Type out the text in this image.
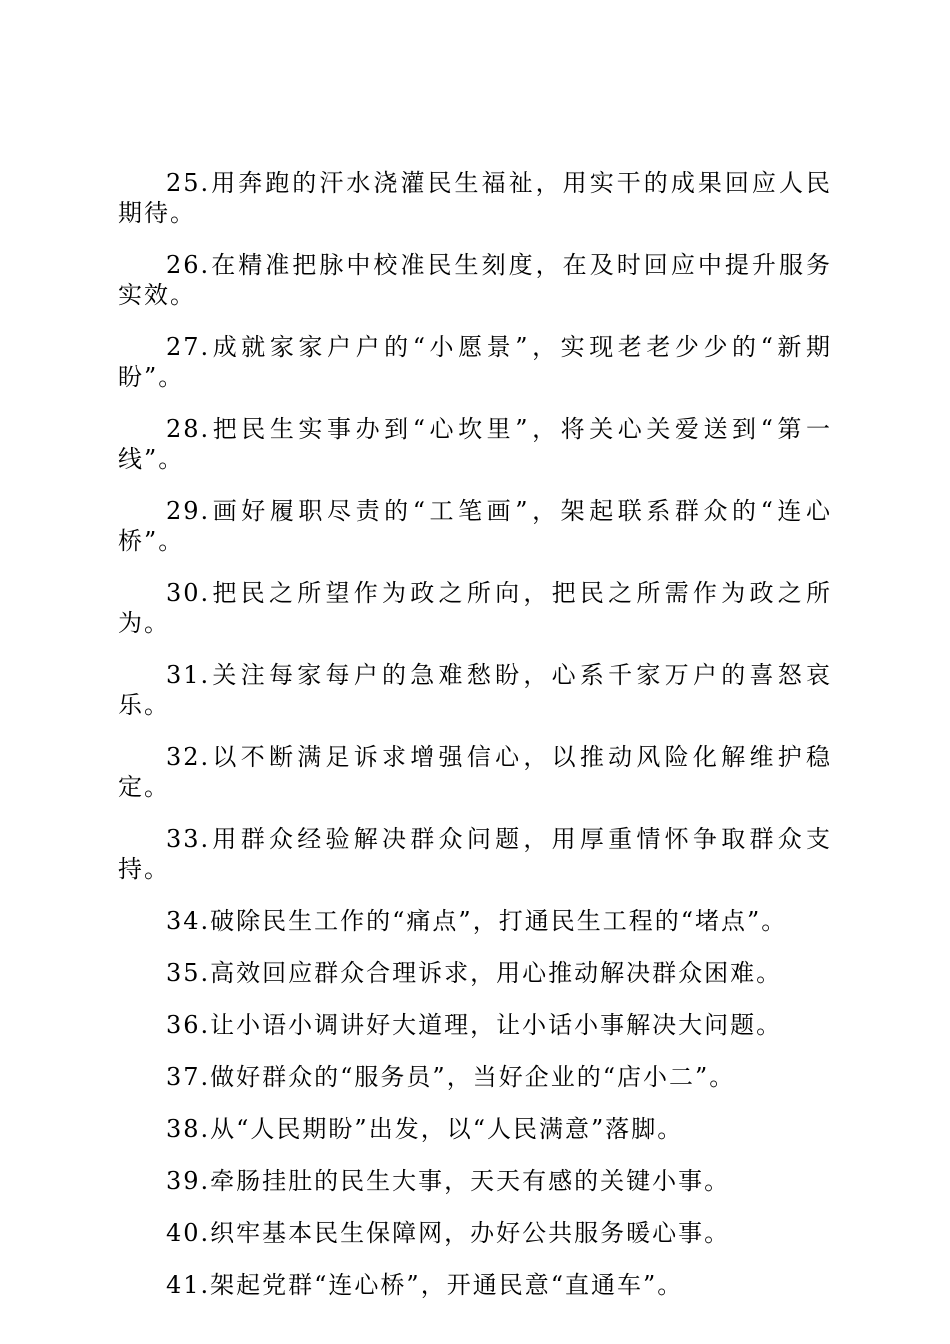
25.用奔跑的汗水浇灌民生福祉，用实干的成果回应人民期待。

26.在精准把脉中校准民生刻度，在及时回应中提升服务实效。

27.成就家家户户的“小愿景”，实现老老少少的“新期盼”。

28.把民生实事办到“心坎里”，将关心关爱送到“第一线”。

29.画好履职尽责的“工笔画”，架起联系群众的“连心桥”。

30.把民之所望作为政之所向，把民之所需作为政之所为。

31.关注每家每户的急难愁盼，心系千家万户的喜怒哀乐。

32.以不断满足诉求增强信心，以推动风险化解维护稳定。

33.用群众经验解决群众问题，用厚重情怀争取群众支持。

34.破除民生工作的“痛点”，打通民生工程的“堵点”。

35.高效回应群众合理诉求，用心推动解决群众困难。

36.让小语小调讲好大道理，让小话小事解决大问题。

37.做好群众的“服务员”，当好企业的“店小二”。

38.从“人民期盼”出发，以“人民满意”落脚。

39.牵肠挂肚的民生大事，天天有感的关键小事。

40.织牢基本民生保障网，办好公共服务暖心事。

41.架起党群“连心桥”，开通民意“直通车”。
